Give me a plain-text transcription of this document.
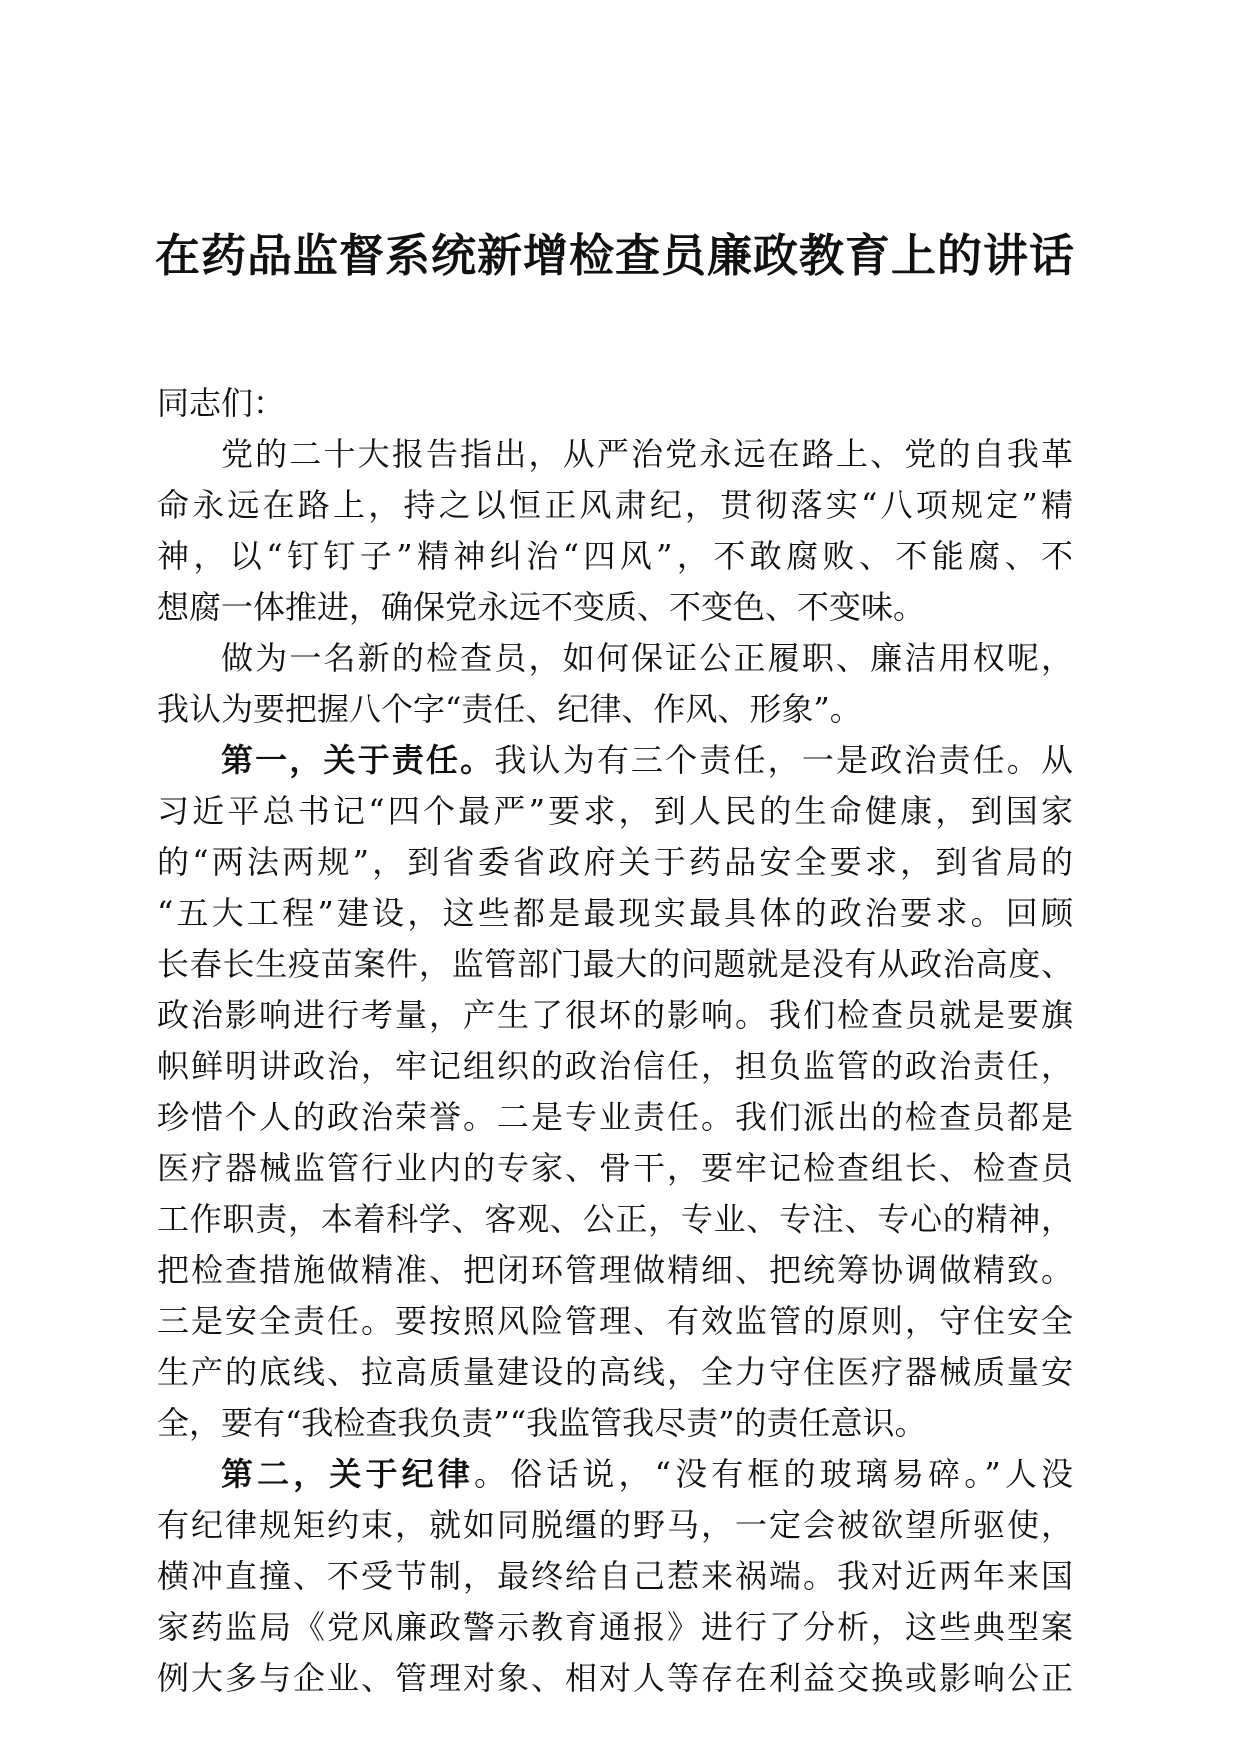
在药品监督系统新增检查员廉政教育上的讲话

同志们：

党的二十大报告指出，从严治党永远在路上、党的自我革

命永远在路上，持之以恒正风肃纪，贯彻落实“八项规定”精

神，以“钉钉子”精神纠治“四风”，不敢腐败、不能腐、不

想腐一体推进，确保党永远不变质、不变色、不变味。

做为一名新的检查员，如何保证公正履职、廉洁用权呢，

我认为要把握八个字“责任、纪律、作风、形象”。

第一，关于责任。我认为有三个责任，一是政治责任。从

习近平总书记“四个最严”要求，到人民的生命健康，到国家

的“两法两规”，到省委省政府关于药品安全要求，到省局的

“五大工程”建设，这些都是最现实最具体的政治要求。回顾

长春长生疫苗案件，监管部门最大的问题就是没有从政治高度、

政治影响进行考量，产生了很坏的影响。我们检查员就是要旗

帜鲜明讲政治，牢记组织的政治信任，担负监管的政治责任，

珍惜个人的政治荣誉。二是专业责任。我们派出的检查员都是

医疗器械监管行业内的专家、骨干，要牢记检查组长、检查员

工作职责，本着科学、客观、公正，专业、专注、专心的精神，

把检查措施做精准、把闭环管理做精细、把统筹协调做精致。

三是安全责任。要按照风险管理、有效监管的原则，守住安全

生产的底线、拉高质量建设的高线，全力守住医疗器械质量安

全，要有“我检查我负责”“我监管我尽责”的责任意识。

第二，关于纪律。俗话说，“没有框的玻璃易碎。”人没

有纪律规矩约束，就如同脱缰的野马，一定会被欲望所驱使，

横冲直撞、不受节制，最终给自己惹来祸端。我对近两年来国

家药监局《党风廉政警示教育通报》进行了分析，这些典型案

例大多与企业、管理对象、相对人等存在利益交换或影响公正
